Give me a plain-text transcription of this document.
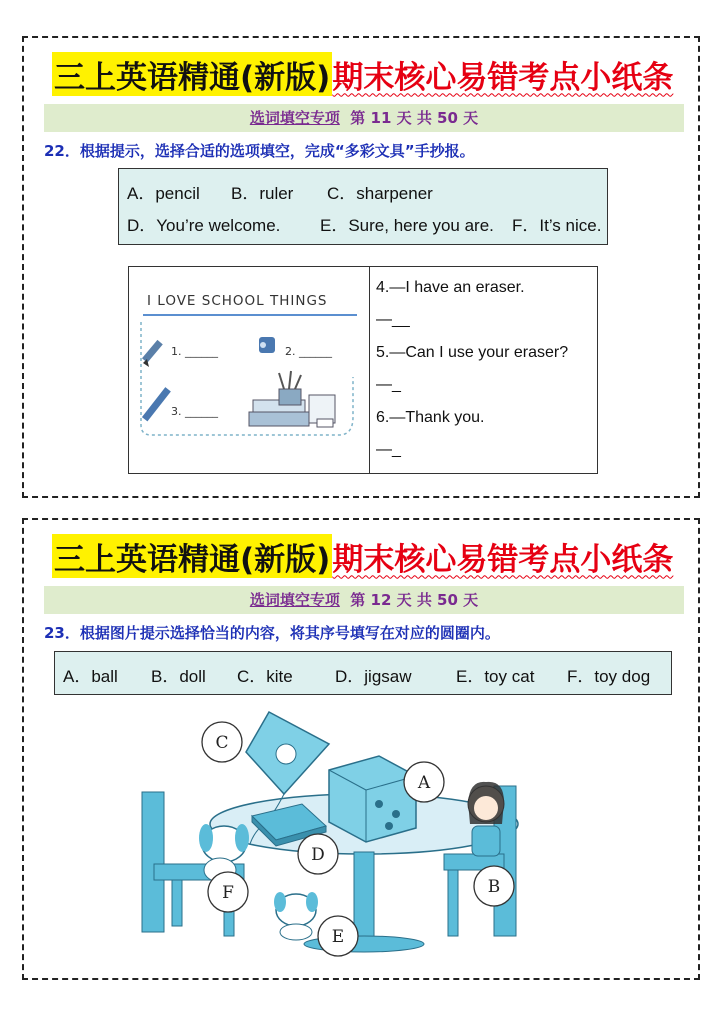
三上英语精通(新版) 期末核心易错考点小纸条
选词填空专项 第 11 天 共 50 天
22．根据提示，选择合适的选项填空，完成“多彩文具”手抄报。
A．pencil B．ruler C．sharpener
D．You’re welcome. E．Sure, here you are. F．It’s nice.
I LOVE SCHOOL THINGS
1. ______	2. ______
3. ______
4.—I have an eraser.
—__
5.—Can I use your eraser?
—_
6.—Thank you.
—_
三上英语精通(新版) 期末核心易错考点小纸条
选词填空专项 第 12 天 共 50 天
23．根据图片提示选择恰当的内容，将其序号填写在对应的圆圈内。
A．ball B．doll C．kite D．jigsaw	E．toy cat F．toy dog
C
A
D
B
F
E
